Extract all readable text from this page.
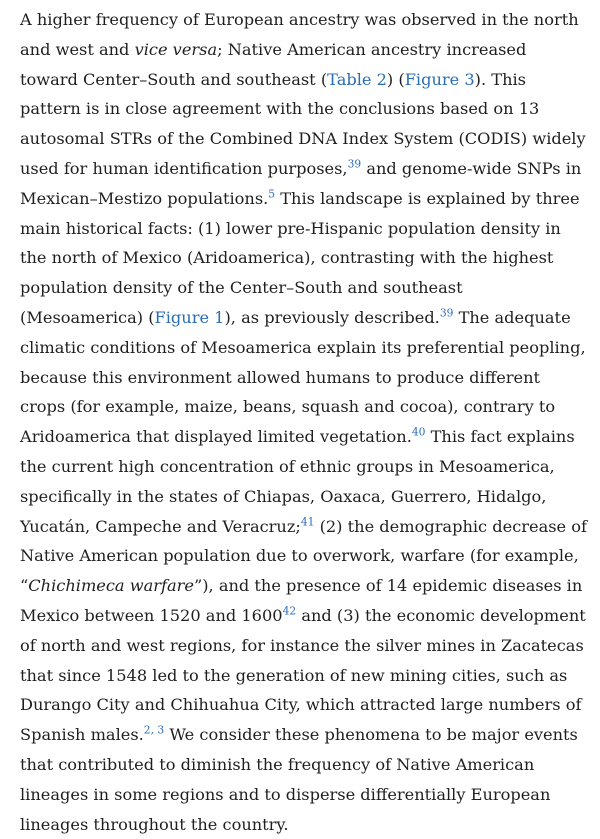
A higher frequency of European ancestry was observed in the north and west and vice versa; Native American ancestry increased toward Center–South and southeast (Table 2) (Figure 3). This pattern is in close agreement with the conclusions based on 13 autosomal STRs of the Combined DNA Index System (CODIS) widely used for human identification purposes,$^{39}$ and genome-wide SNPs in Mexican–Mestizo populations.$^5$ This landscape is explained by three main historical facts: (1) lower pre-Hispanic population density in the north of Mexico (Aridoamerica), contrasting with the highest population density of the Center–South and southeast (Mesoamerica) (Figure 1), as previously described.$^{39}$ The adequate climatic conditions of Mesoamerica explain its preferential peopling, because this environment allowed humans to produce different crops (for example, maize, beans, squash and cocoa), contrary to Aridoamerica that displayed limited vegetation.$^{40}$ This fact explains the current high concentration of ethnic groups in Mesoamerica, specifically in the states of Chiapas, Oaxaca, Guerrero, Hidalgo, Yucatán, Campeche and Veracruz;$^{41}$ (2) the demographic decrease of Native American population due to overwork, warfare (for example, “Chichimeca warfare”), and the presence of 14 epidemic diseases in Mexico between 1520 and 1600$^{42}$ and (3) the economic development of north and west regions, for instance the silver mines in Zacatecas that since 1548 led to the generation of new mining cities, such as Durango City and Chihuahua City, which attracted large numbers of Spanish males.$^{2, 3}$ We consider these phenomena to be major events that contributed to diminish the frequency of Native American lineages in some regions and to disperse differentially European lineages throughout the country.
